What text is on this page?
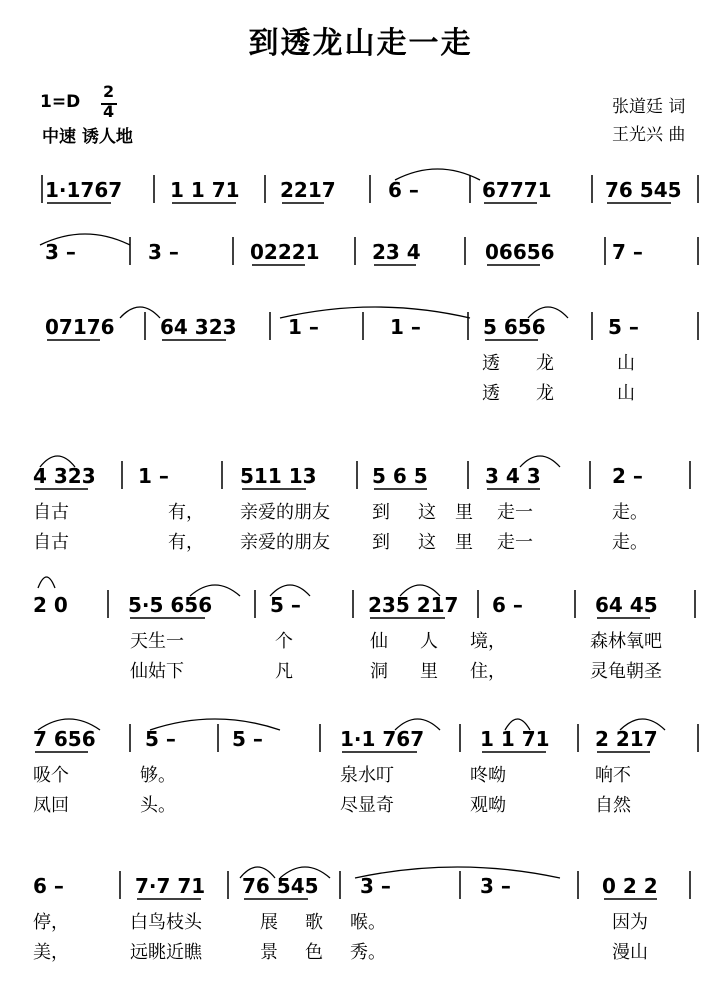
到透龙山走一走
1=D
2
4
中速 诱人地
张道廷 词
王光兴 曲
1·1767 1 1 71 2217	6 –	67771	76 545
3 –	3 –	02221	23 4	06656	7 –
07176 64 323	1 –	1 –	5 656	5 –
透 龙	山
透 龙	山
4 323 1 –	511 13	5 6 5	3 4 3	2 –
自古	有， 亲爱的朋友 到 这 里 走一	走。
自古	有， 亲爱的朋友 到 这 里 走一	走。
2 0	5·5 656	5 –	235 217 6 –	64 45
天生一	个	仙 人 境，	森林氧吧
仙姑下	凡	洞 里 住，	灵龟朝圣
7 656 5 –	5 –	1·1 767	1 1 71 2 217
吸个	够。	泉水叮	咚呦	响不
凤回	头。	尽显奇	观呦	自然
6 –	7·7 71 76 545 3 –	3 –	0 2 2
停，	白鸟枝头	展 歌 喉。	因为
美，	远眺近瞧	景 色 秀。	漫山
